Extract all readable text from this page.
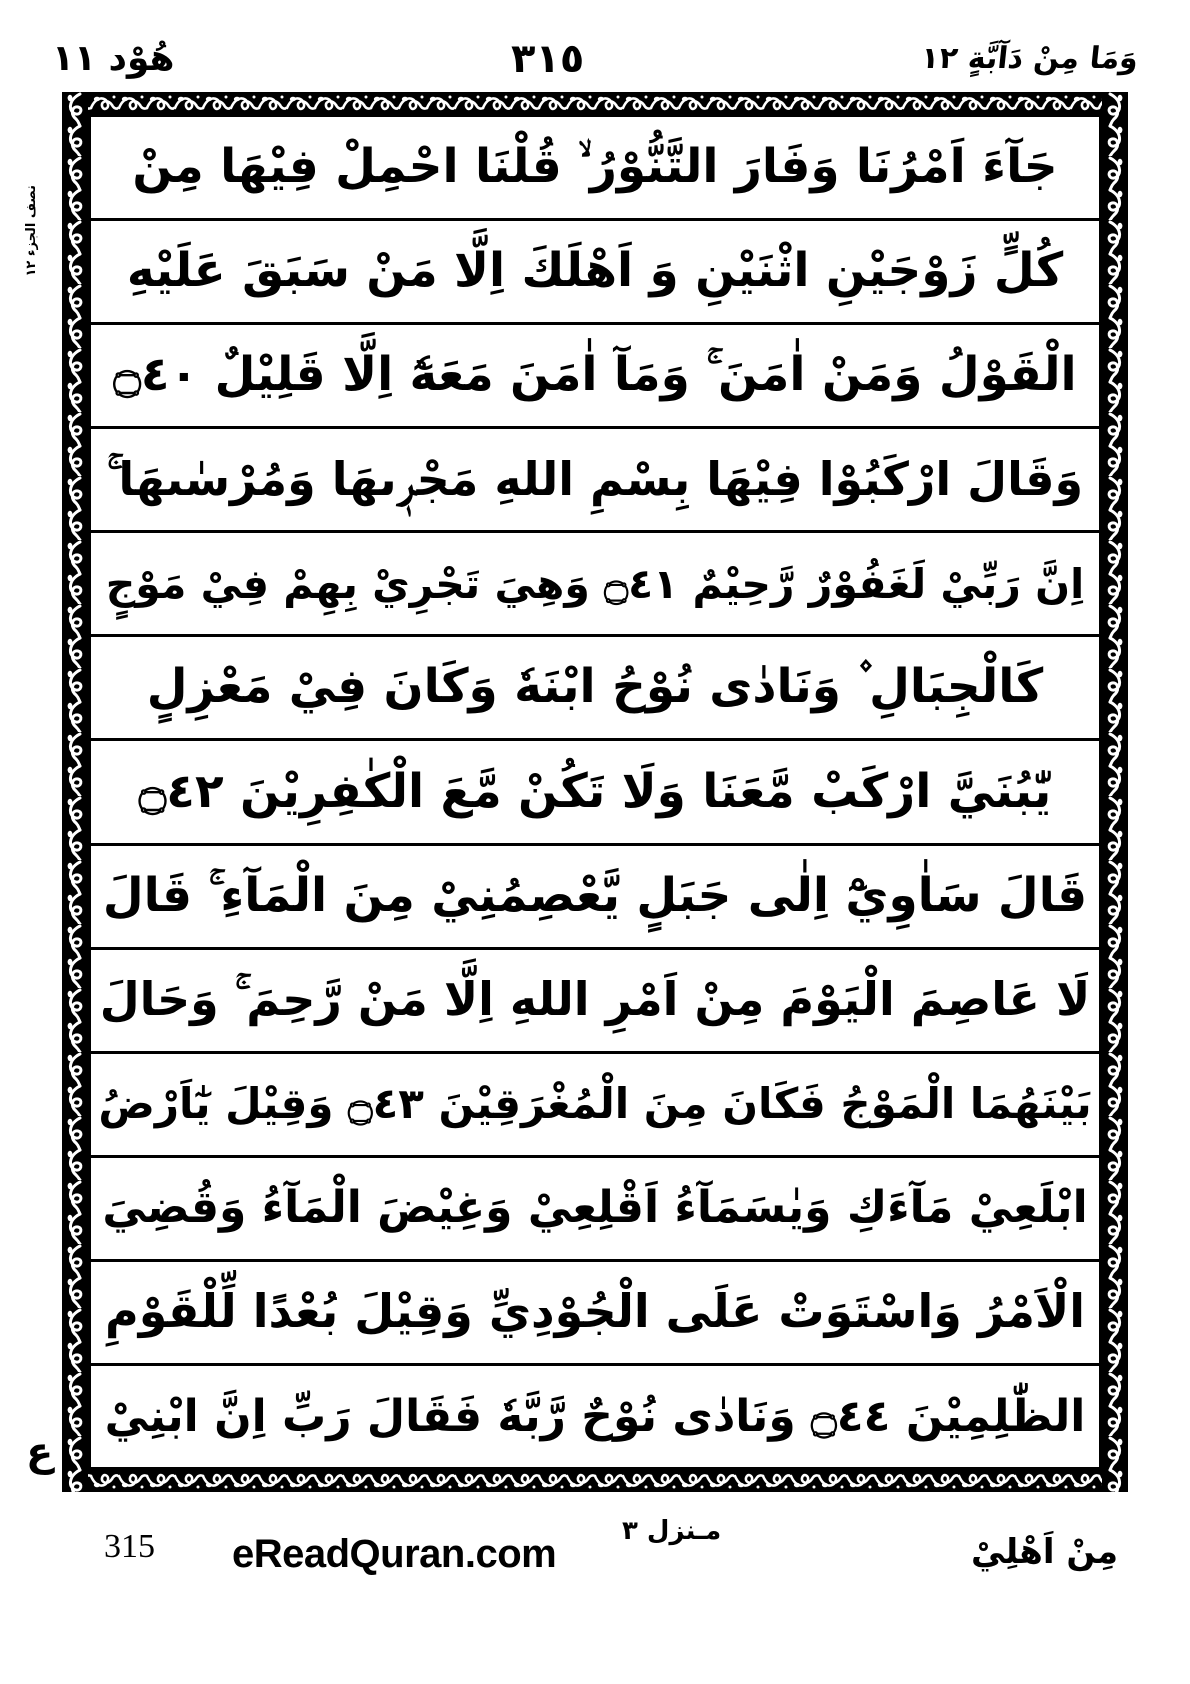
وَمَا مِنْ دَآبَّةٍ ١٢
٣١٥
هُوْد ١١
نصف الجزء ١٢
ع
جَآءَ اَمْرُنَا وَفَارَ التَّنُّوْرُ ۙ قُلْنَا احْمِلْ فِيْهَا مِنْ
كُلٍّ زَوْجَيْنِ اثْنَيْنِ وَ اَهْلَكَ اِلَّا مَنْ سَبَقَ عَلَيْهِ
الْقَوْلُ وَمَنْ اٰمَنَ ۚ وَمَآ اٰمَنَ مَعَهٗٓ اِلَّا قَلِيْلٌ ۝٤٠
وَقَالَ ارْكَبُوْا فِيْهَا بِسْمِ اللهِ مَجْرٖىهَا وَمُرْسٰىهَا ۚ
اِنَّ رَبِّيْ لَغَفُوْرٌ رَّحِيْمٌ ۝٤١ وَهِيَ تَجْرِيْ بِهِمْ فِيْ مَوْجٍ
كَالْجِبَالِ ۫ وَنَادٰى نُوْحُ ابْنَهٗ وَكَانَ فِيْ مَعْزِلٍ
يّٰبُنَيَّ ارْكَبْ مَّعَنَا وَلَا تَكُنْ مَّعَ الْكٰفِرِيْنَ ۝٤٢
قَالَ سَاٰوِيْٓ اِلٰى جَبَلٍ يَّعْصِمُنِيْ مِنَ الْمَآءِ ۚ قَالَ
لَا عَاصِمَ الْيَوْمَ مِنْ اَمْرِ اللهِ اِلَّا مَنْ رَّحِمَ ۚ وَحَالَ
بَيْنَهُمَا الْمَوْجُ فَكَانَ مِنَ الْمُغْرَقِيْنَ ۝٤٣ وَقِيْلَ يٰٓاَرْضُ
ابْلَعِيْ مَآءَكِ وَيٰسَمَآءُ اَقْلِعِيْ وَغِيْضَ الْمَآءُ وَقُضِيَ
الْاَمْرُ وَاسْتَوَتْ عَلَى الْجُوْدِيِّ وَقِيْلَ بُعْدًا لِّلْقَوْمِ
الظّٰلِمِيْنَ ۝٤٤ وَنَادٰى نُوْحٌ رَّبَّهٗ فَقَالَ رَبِّ اِنَّ ابْنِيْ
مِنْ اَهْلِيْ
مـنزل ٣
eReadQuran.com
315
